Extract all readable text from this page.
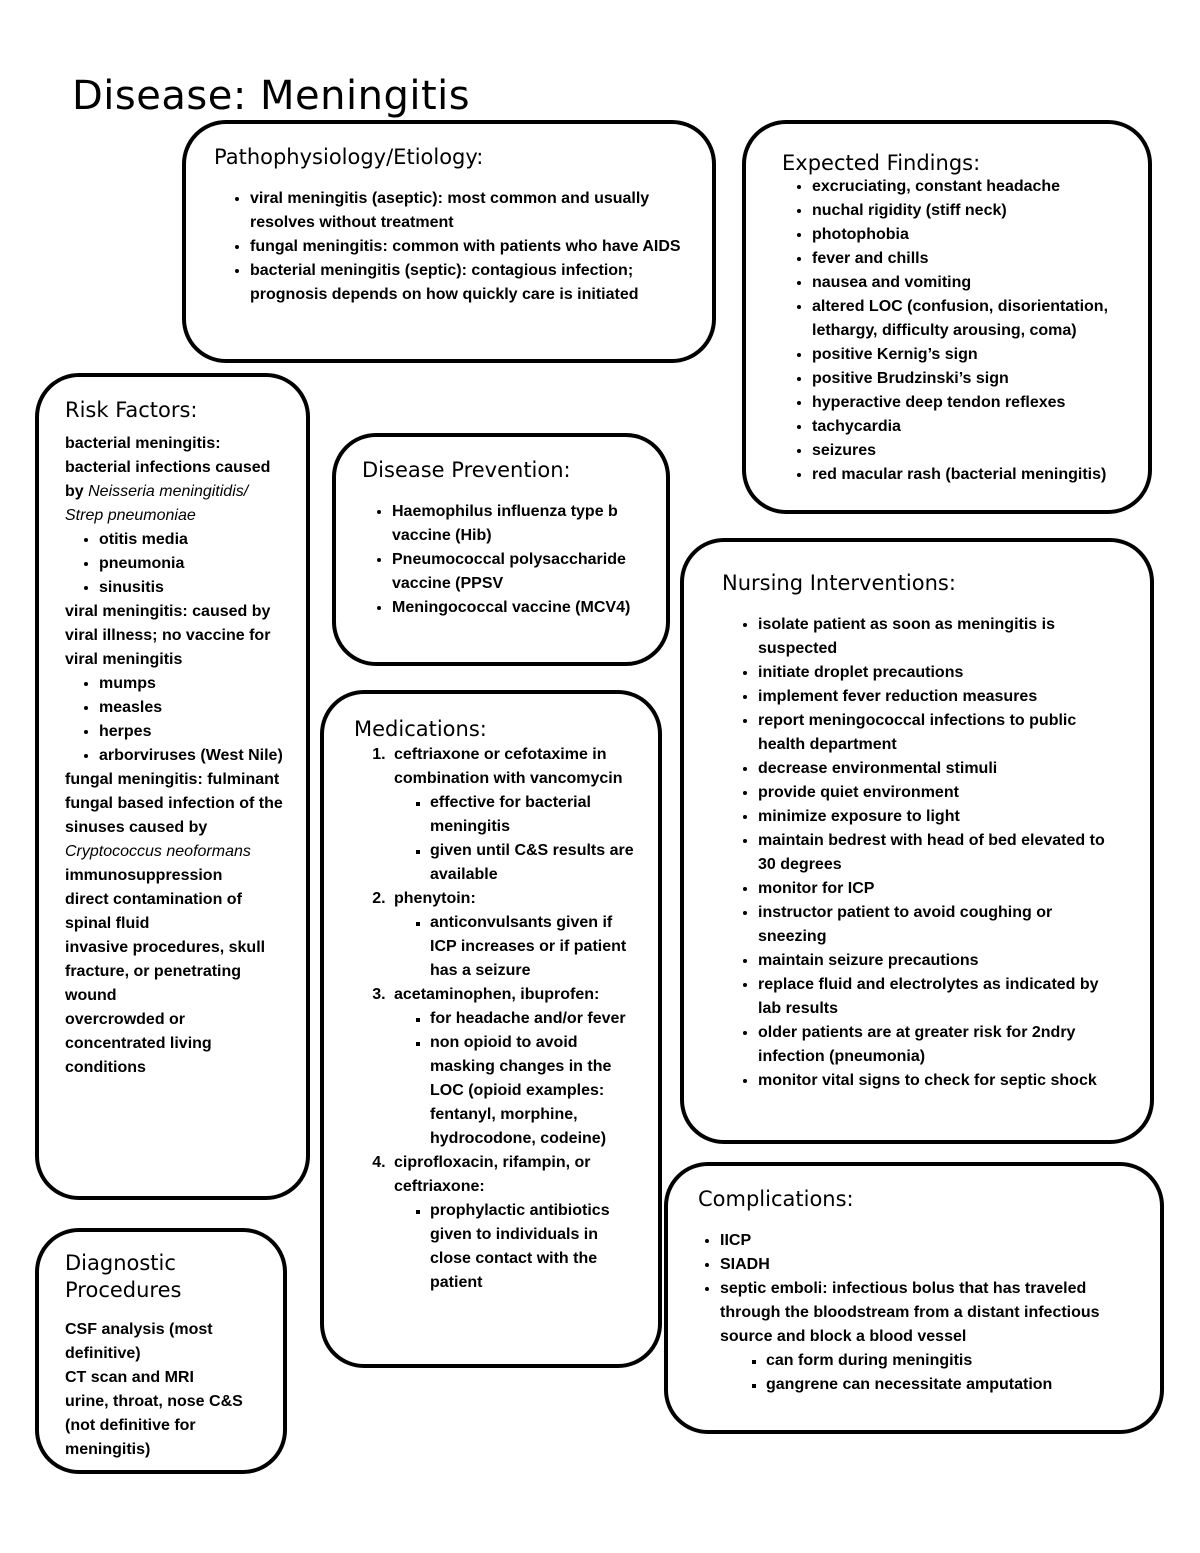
Disease: Meningitis
Pathophysiology/Etiology:
• viral meningitis (aseptic): most common and usually resolves without treatment
• fungal meningitis: common with patients who have AIDS
• bacterial meningitis (septic): contagious infection; prognosis depends on how quickly care is initiated
Expected Findings:
• excruciating, constant headache
• nuchal rigidity (stiff neck)
• photophobia
• fever and chills
• nausea and vomiting
• altered LOC (confusion, disorientation, lethargy, difficulty arousing, coma)
• positive Kernig’s sign
• positive Brudzinski’s sign
• hyperactive deep tendon reflexes
• tachycardia
• seizures
• red macular rash (bacterial meningitis)
Risk Factors:

bacterial meningitis: bacterial infections caused by Neisseria meningitidis/ Strep pneumoniae

• otitis media
• pneumonia
• sinusitis

viral meningitis: caused by viral illness; no vaccine for viral meningitis

• mumps
• measles
• herpes
• arborviruses (West Nile)

fungal meningitis: fulminant fungal based infection of the sinuses caused by Cryptococcus neoformans

immunosuppression

direct contamination of spinal fluid

invasive procedures, skull fracture, or penetrating wound

overcrowded or concentrated living conditions

Disease Prevention:
• Haemophilus influenza type b vaccine (Hib)
• Pneumococcal polysaccharide vaccine (PPSV
• Meningococcal vaccine (MCV4)
Nursing Interventions:
• isolate patient as soon as meningitis is suspected
• initiate droplet precautions
• implement fever reduction measures
• report meningococcal infections to public health department
• decrease environmental stimuli
• provide quiet environment
• minimize exposure to light
• maintain bedrest with head of bed elevated to 30 degrees
• monitor for ICP
• instructor patient to avoid coughing or sneezing
• maintain seizure precautions
• replace fluid and electrolytes as indicated by lab results
• older patients are at greater risk for 2ndry infection (pneumonia)
• monitor vital signs to check for septic shock
Medications:
1. ceftriaxone or cefotaxime in combination with vancomycin
▪ effective for bacterial meningitis
▪ given until C&S results are available
2. phenytoin:
▪ anticonvulsants given if ICP increases or if patient has a seizure
3. acetaminophen, ibuprofen:
▪ for headache and/or fever
▪ non opioid to avoid masking changes in the LOC (opioid examples: fentanyl, morphine, hydrocodone, codeine)
4. ciprofloxacin, rifampin, or ceftriaxone:
▪ prophylactic antibiotics given to individuals in close contact with the patient
Complications:
• IICP
• SIADH
• septic emboli: infectious bolus that has traveled through the bloodstream from a distant infectious source and block a blood vessel
▪ can form during meningitis
▪ gangrene can necessitate amputation
Diagnostic
Procedures

CSF analysis (most definitive)

CT scan and MRI

urine, throat, nose C&S (not definitive for meningitis)
